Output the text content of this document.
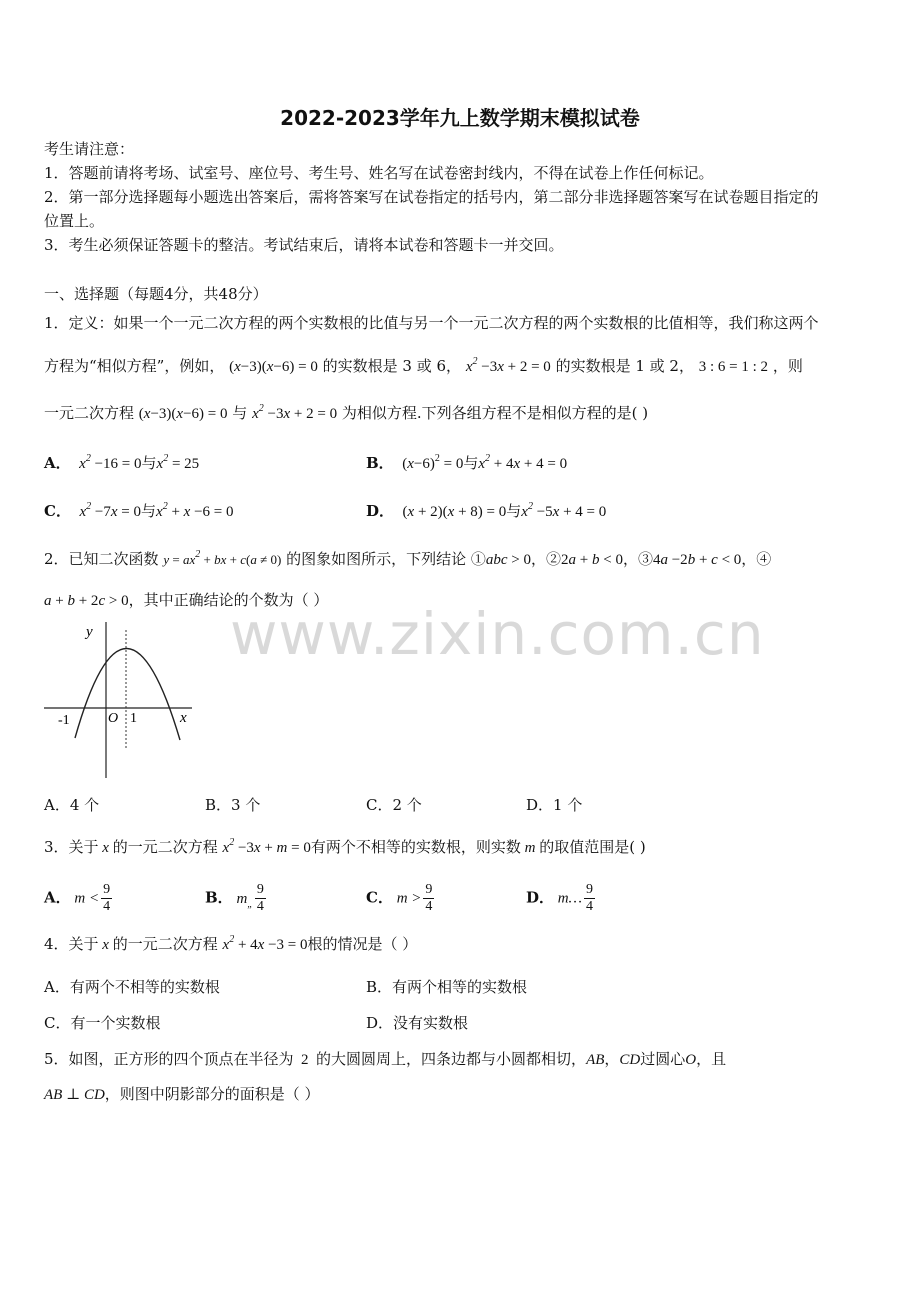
www.zixin.com.cn
2022-2023学年九上数学期末模拟试卷
考生请注意：
1．答题前请将考场、试室号、座位号、考生号、姓名写在试卷密封线内，不得在试卷上作任何标记。
2．第一部分选择题每小题选出答案后，需将答案写在试卷指定的括号内，第二部分非选择题答案写在试卷题目指定的
位置上。
3．考生必须保证答题卡的整洁。考试结束后，请将本试卷和答题卡一并交回。
一、选择题（每题4分，共48分）
1．定义：如果一个一元二次方程的两个实数根的比值与另一个一元二次方程的两个实数根的比值相等，我们称这两个
方程为“相似方程”，例如， (x−3)(x−6) = 0 的实数根是 3 或 6， $x^2 -3x + 2 = 0$ 的实数根是 1 或 2， 3 : 6 = 1 : 2 ，则
一元二次方程 (x−3)(x−6) = 0 与 $x^2 -3x + 2 = 0$ 为相似方程.下列各组方程不是相似方程的是( )
A．  $x^2 -16 = 0$与$x^2 = 25$	B． $(x-6)^2 = 0$与$x^2 + 4x + 4 = 0$
C．  $x^2 -7x = 0$与$x^2 + x -6 = 0$	D． (x + 2)(x + 8) = 0与$x^2 -5x + 4 = 0$
2．已知二次函数 $y = ax^2$ + bx + c(a ≠ 0) 的图象如图所示，下列结论 ①abc > 0，②2a + b < 0，③4a −2b + c < 0，④
a + b + 2c > 0，其中正确结论的个数为（ ）
y
x
O
-1	1
A．4 个	B．3 个	C．2 个	D．1 个
3．关于 x 的一元二次方程 $x^2 -3x + m = 0$有两个不相等的实数根，则实数 m 的取值范围是( )
A． $m < \frac{9}{4}$	B． $m_„ \frac{9}{4}$	C． $m > \frac{9}{4}$	D． m… $\frac{9}{4}$
4．关于 x 的一元二次方程 $x^2 + 4x -3 = 0$根的情况是（ ）
A．有两个不相等的实数根	B．有两个相等的实数根
C．有一个实数根	D．没有实数根
5．如图，正方形的四个顶点在半径为  2  的大圆圆周上，四条边都与小圆都相切，AB，CD过圆心O，且
AB ⊥ CD，则图中阴影部分的面积是（ ）
